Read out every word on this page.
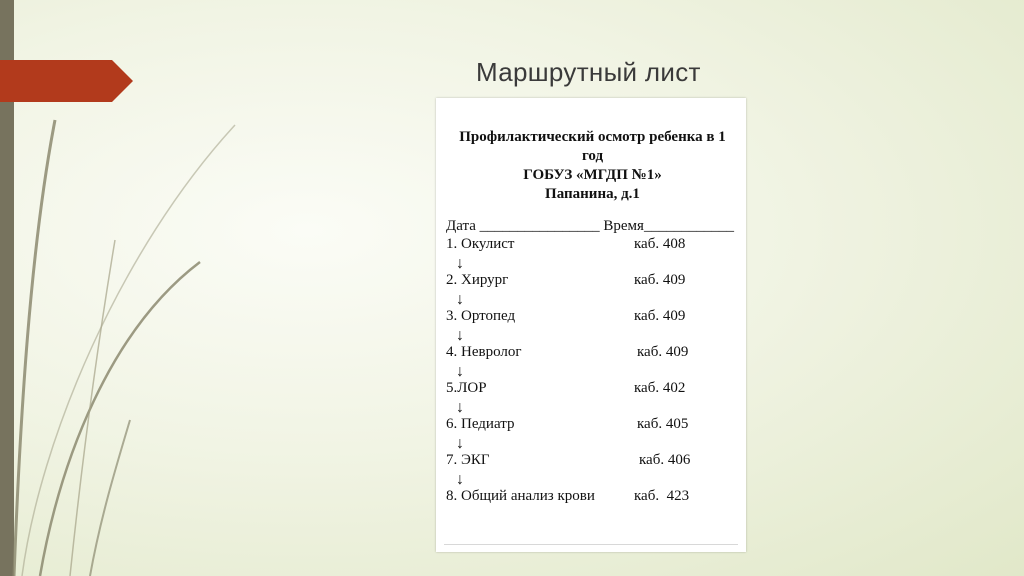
Маршрутный лист
Профилактический осмотр ребенка в 1
год
ГОБУЗ «МГДП №1»
Папанина, д.1
Дата ________________ Время____________
1. Окулист	каб. 408
↓
2. Хирург	каб. 409
↓
3. Ортопед	каб. 409
↓
4. Невролог	каб. 409
↓
5.ЛОР	каб. 402
↓
6. Педиатр	каб. 405
↓
7. ЭКГ	каб. 406
↓
8. Общий анализ крови	каб.  423
